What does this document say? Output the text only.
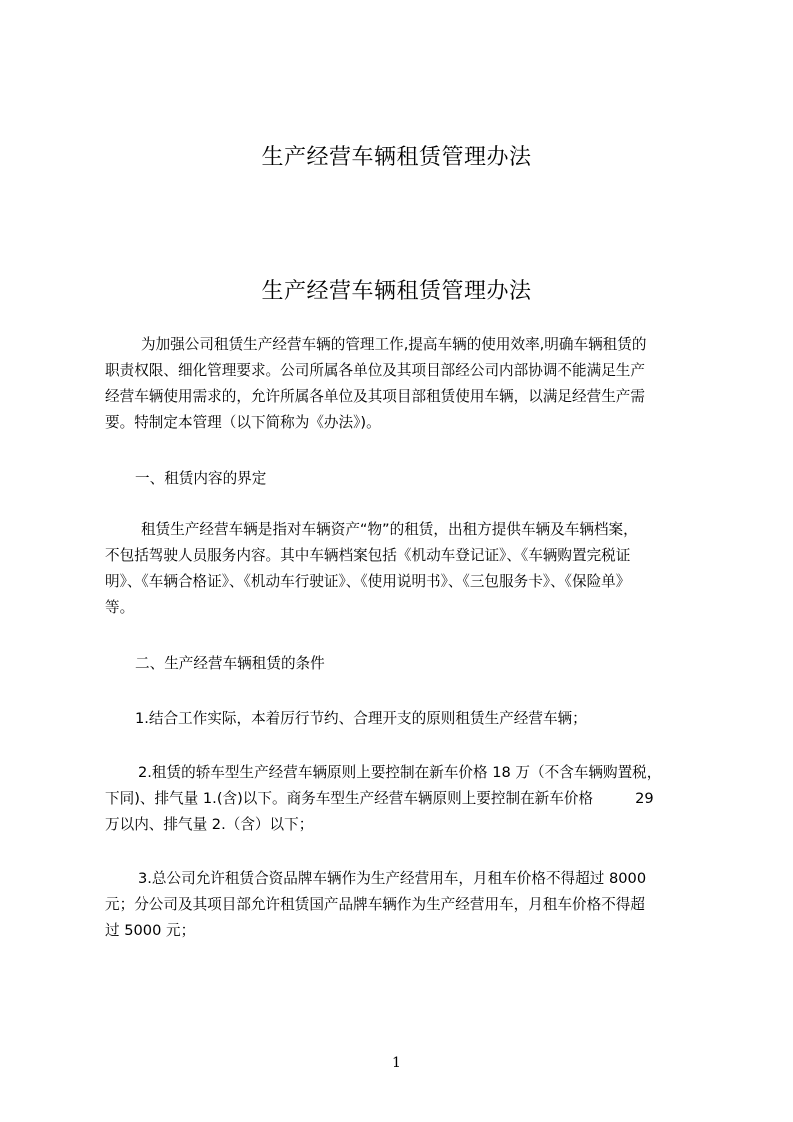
生产经营车辆租赁管理办法
生产经营车辆租赁管理办法
为加强公司租赁生产经营车辆的管理工作,提高车辆的使用效率,明确车辆租赁的
职责权限、细化管理要求。公司所属各单位及其项目部经公司内部协调不能满足生产
经营车辆使用需求的，允许所属各单位及其项目部租赁使用车辆，以满足经营生产需
要。特制定本管理（以下简称为《办法》)。
一、租赁内容的界定
租赁生产经营车辆是指对车辆资产“物”的租赁，出租方提供车辆及车辆档案，
不包括驾驶人员服务内容。其中车辆档案包括《机动车登记证》、《车辆购置完税证
明》、《车辆合格证》、《机动车行驶证》、《使用说明书》、《三包服务卡》、《保险单》
等。
二、生产经营车辆租赁的条件
1.结合工作实际，本着厉行节约、合理开支的原则租赁生产经营车辆；
2.租赁的轿车型生产经营车辆原则上要控制在新车价格 18 万（不含车辆购置税，
下同)、排气量 1.(含)以下。商务车型生产经营车辆原则上要控制在新车价格	29
万以内、排气量 2.（含）以下；
3.总公司允许租赁合资品牌车辆作为生产经营用车，月租车价格不得超过 8000
元；分公司及其项目部允许租赁国产品牌车辆作为生产经营用车，月租车价格不得超
过 5000 元；
1
